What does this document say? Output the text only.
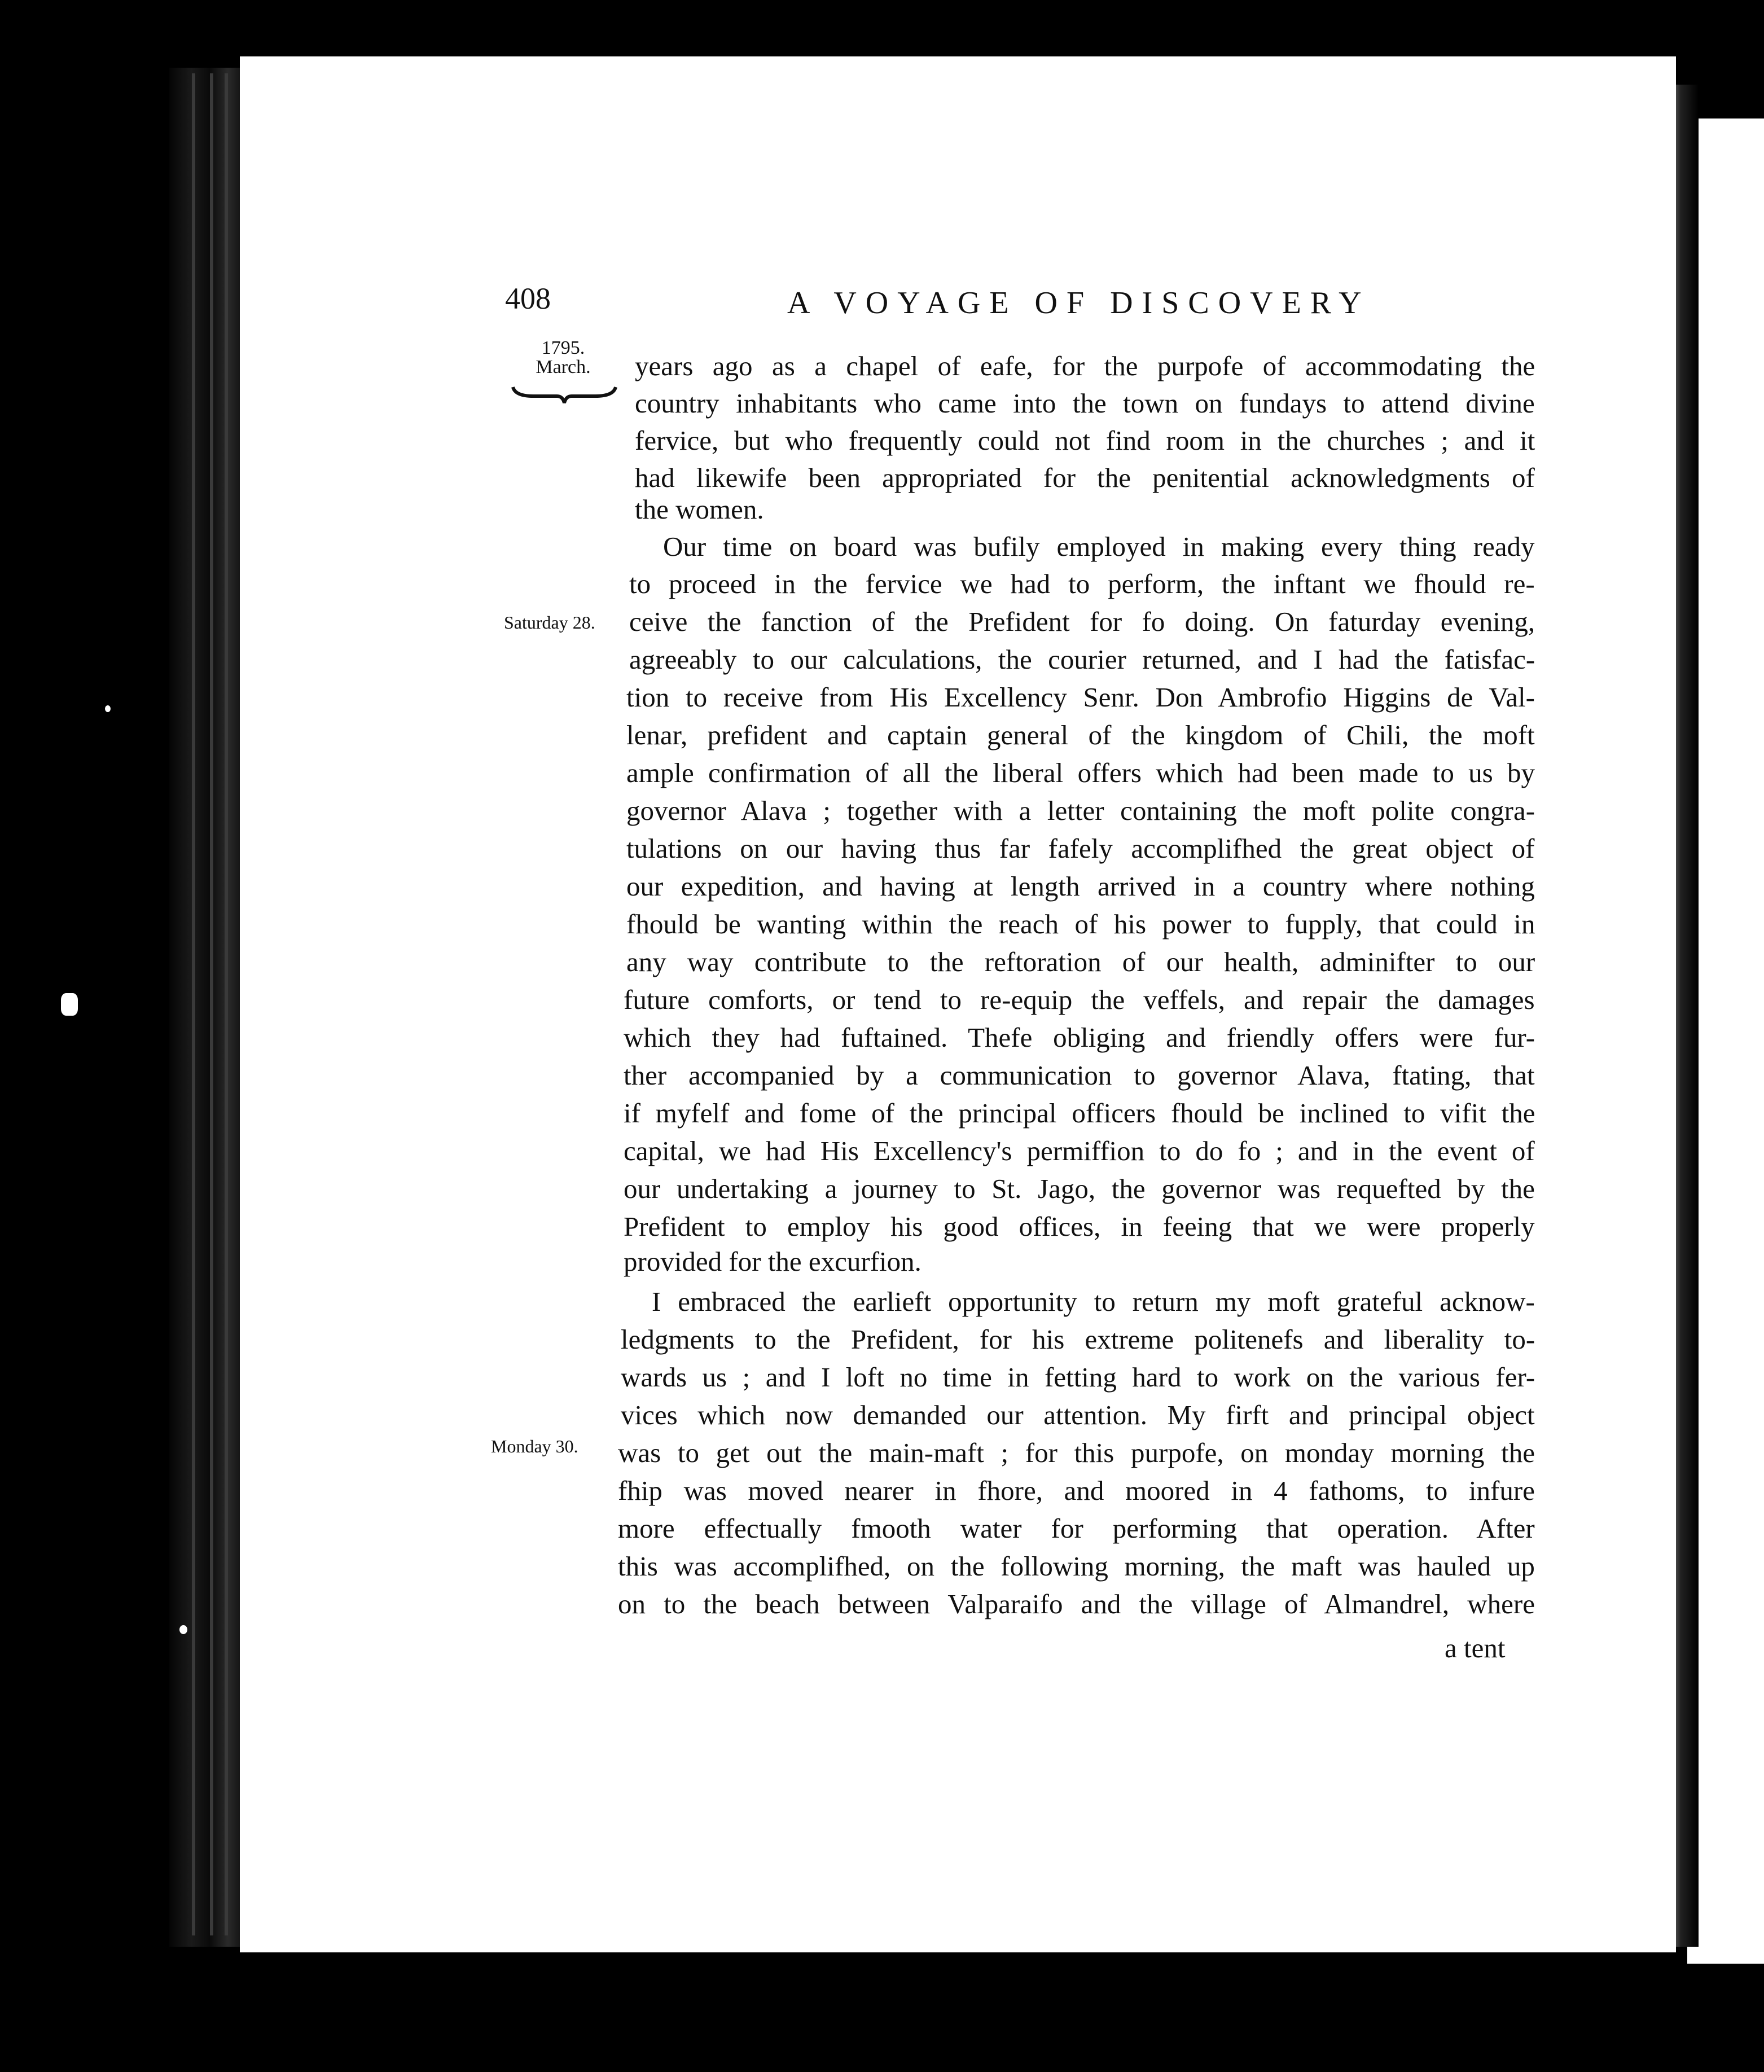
408	A VOYAGE OF DISCOVERY
1795.
March.
Saturday 28.
Monday 30.
years ago as a chapel of eafe, for the purpofe of accommodating the
country inhabitants who came into the town on fundays to attend divine
fervice, but who frequently could not find room in the churches ; and it
had likewife been appropriated for the penitential acknowledgments of
the women.
Our time on board was bufily employed in making every thing ready
to proceed in the fervice we had to perform, the inftant we fhould re-
ceive the fanction of the Prefident for fo doing. On faturday evening,
agreeably to our calculations, the courier returned, and I had the fatisfac-
tion to receive from His Excellency Senr. Don Ambrofio Higgins de Val-
lenar, prefident and captain general of the kingdom of Chili, the moft
ample confirmation of all the liberal offers which had been made to us by
governor Alava ; together with a letter containing the moft polite congra-
tulations on our having thus far fafely accomplifhed the great object of
our expedition, and having at length arrived in a country where nothing
fhould be wanting within the reach of his power to fupply, that could in
any way contribute to the reftoration of our health, adminifter to our
future comforts, or tend to re-equip the veffels, and repair the damages
which they had fuftained. Thefe obliging and friendly offers were fur-
ther accompanied by a communication to governor Alava, ftating, that
if myfelf and fome of the principal officers fhould be inclined to vifit the
capital, we had His Excellency's permiffion to do fo ; and in the event of
our undertaking a journey to St. Jago, the governor was requefted by the
Prefident to employ his good offices, in feeing that we were properly
provided for the excurfion.
I embraced the earlieft opportunity to return my moft grateful acknow-
ledgments to the Prefident, for his extreme politenefs and liberality to-
wards us ; and I loft no time in fetting hard to work on the various fer-
vices which now demanded our attention. My firft and principal object
was to get out the main-maft ; for this purpofe, on monday morning the
fhip was moved nearer in fhore, and moored in 4 fathoms, to infure
more effectually fmooth water for performing that operation. After
this was accomplifhed, on the following morning, the maft was hauled up
on to the beach between Valparaifo and the village of Almandrel, where
a tent
